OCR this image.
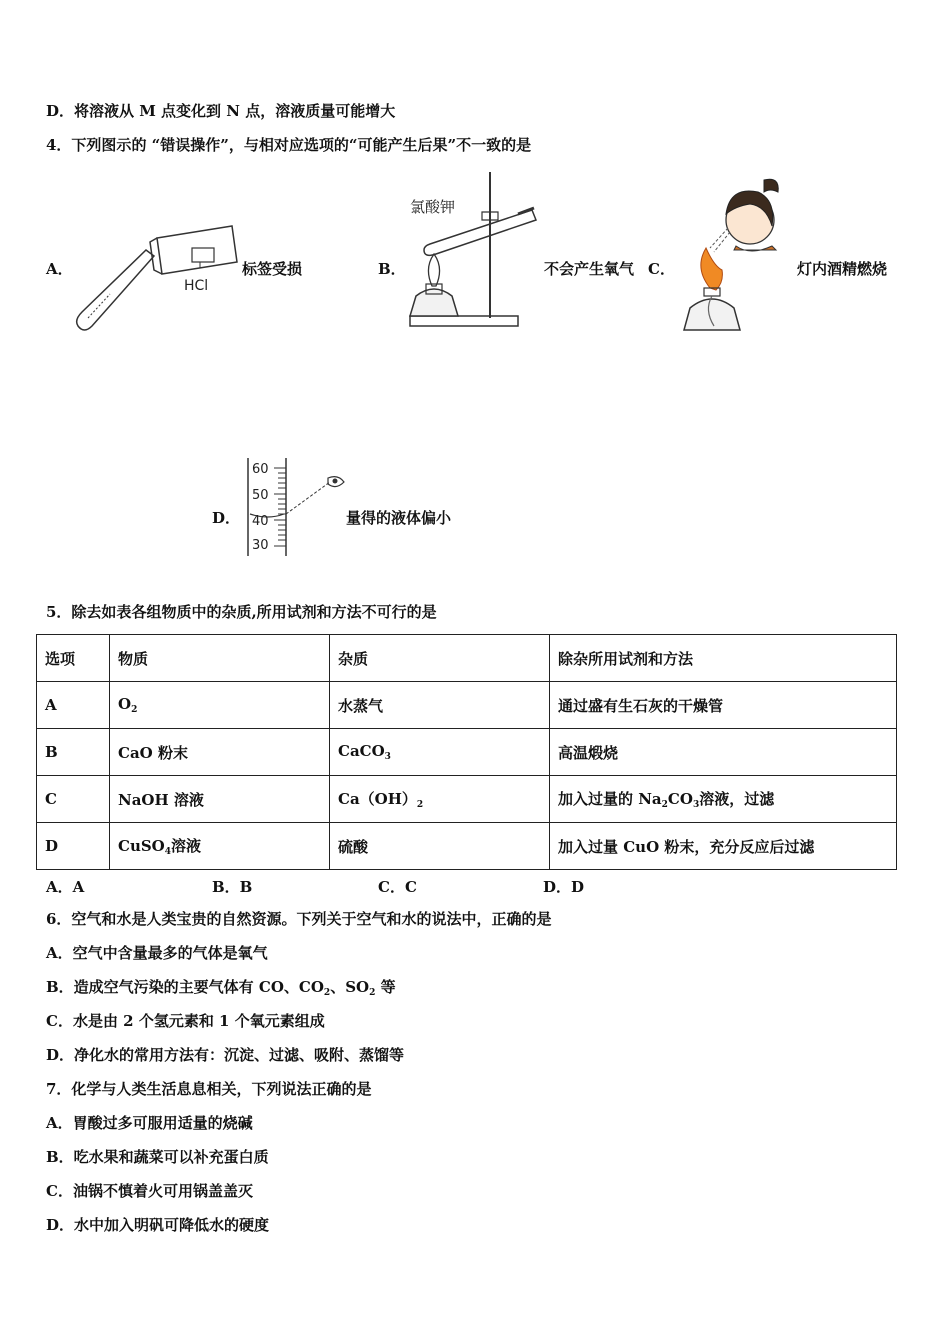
D．将溶液从 M 点变化到 N 点，溶液质量可能增大
4．下列图示的 “错误操作”，与相对应选项的“可能产生后果”不一致的是
A．
HCl
标签受损	B．
氯酸钾
不会产生氧气 C．	灯内酒精燃烧
D．
60
50
40
30
量得的液体偏小
5．除去如表各组物质中的杂质,所用试剂和方法不可行的是
选项	物质	杂质	除杂所用试剂和方法
A	$O_2$	水蒸气	通过盛有生石灰的干燥管
B	CaO 粉末	CaCO$_3$	高温煅烧
C	NaOH 溶液	$Ca(OH)_2$	加入过量的 $Na_2CO_3$溶液，过滤
D	CuSO$_4$溶液	硫酸	加入过量 CuO 粉末，充分反应后过滤
A．A	B．B	C．C	D．D
6．空气和水是人类宝贵的自然资源。下列关于空气和水的说法中，正确的是
A．空气中含量最多的气体是氧气
B．造成空气污染的主要气体有 CO、$CO_2$、$SO_2$ 等
C．水是由 2 个氢元素和 1 个氧元素组成
D．净化水的常用方法有：沉淀、过滤、吸附、蒸馏等
7．化学与人类生活息息相关，下列说法正确的是
A．胃酸过多可服用适量的烧碱
B．吃水果和蔬菜可以补充蛋白质
C．油锅不慎着火可用锅盖盖灭
D．水中加入明矾可降低水的硬度
